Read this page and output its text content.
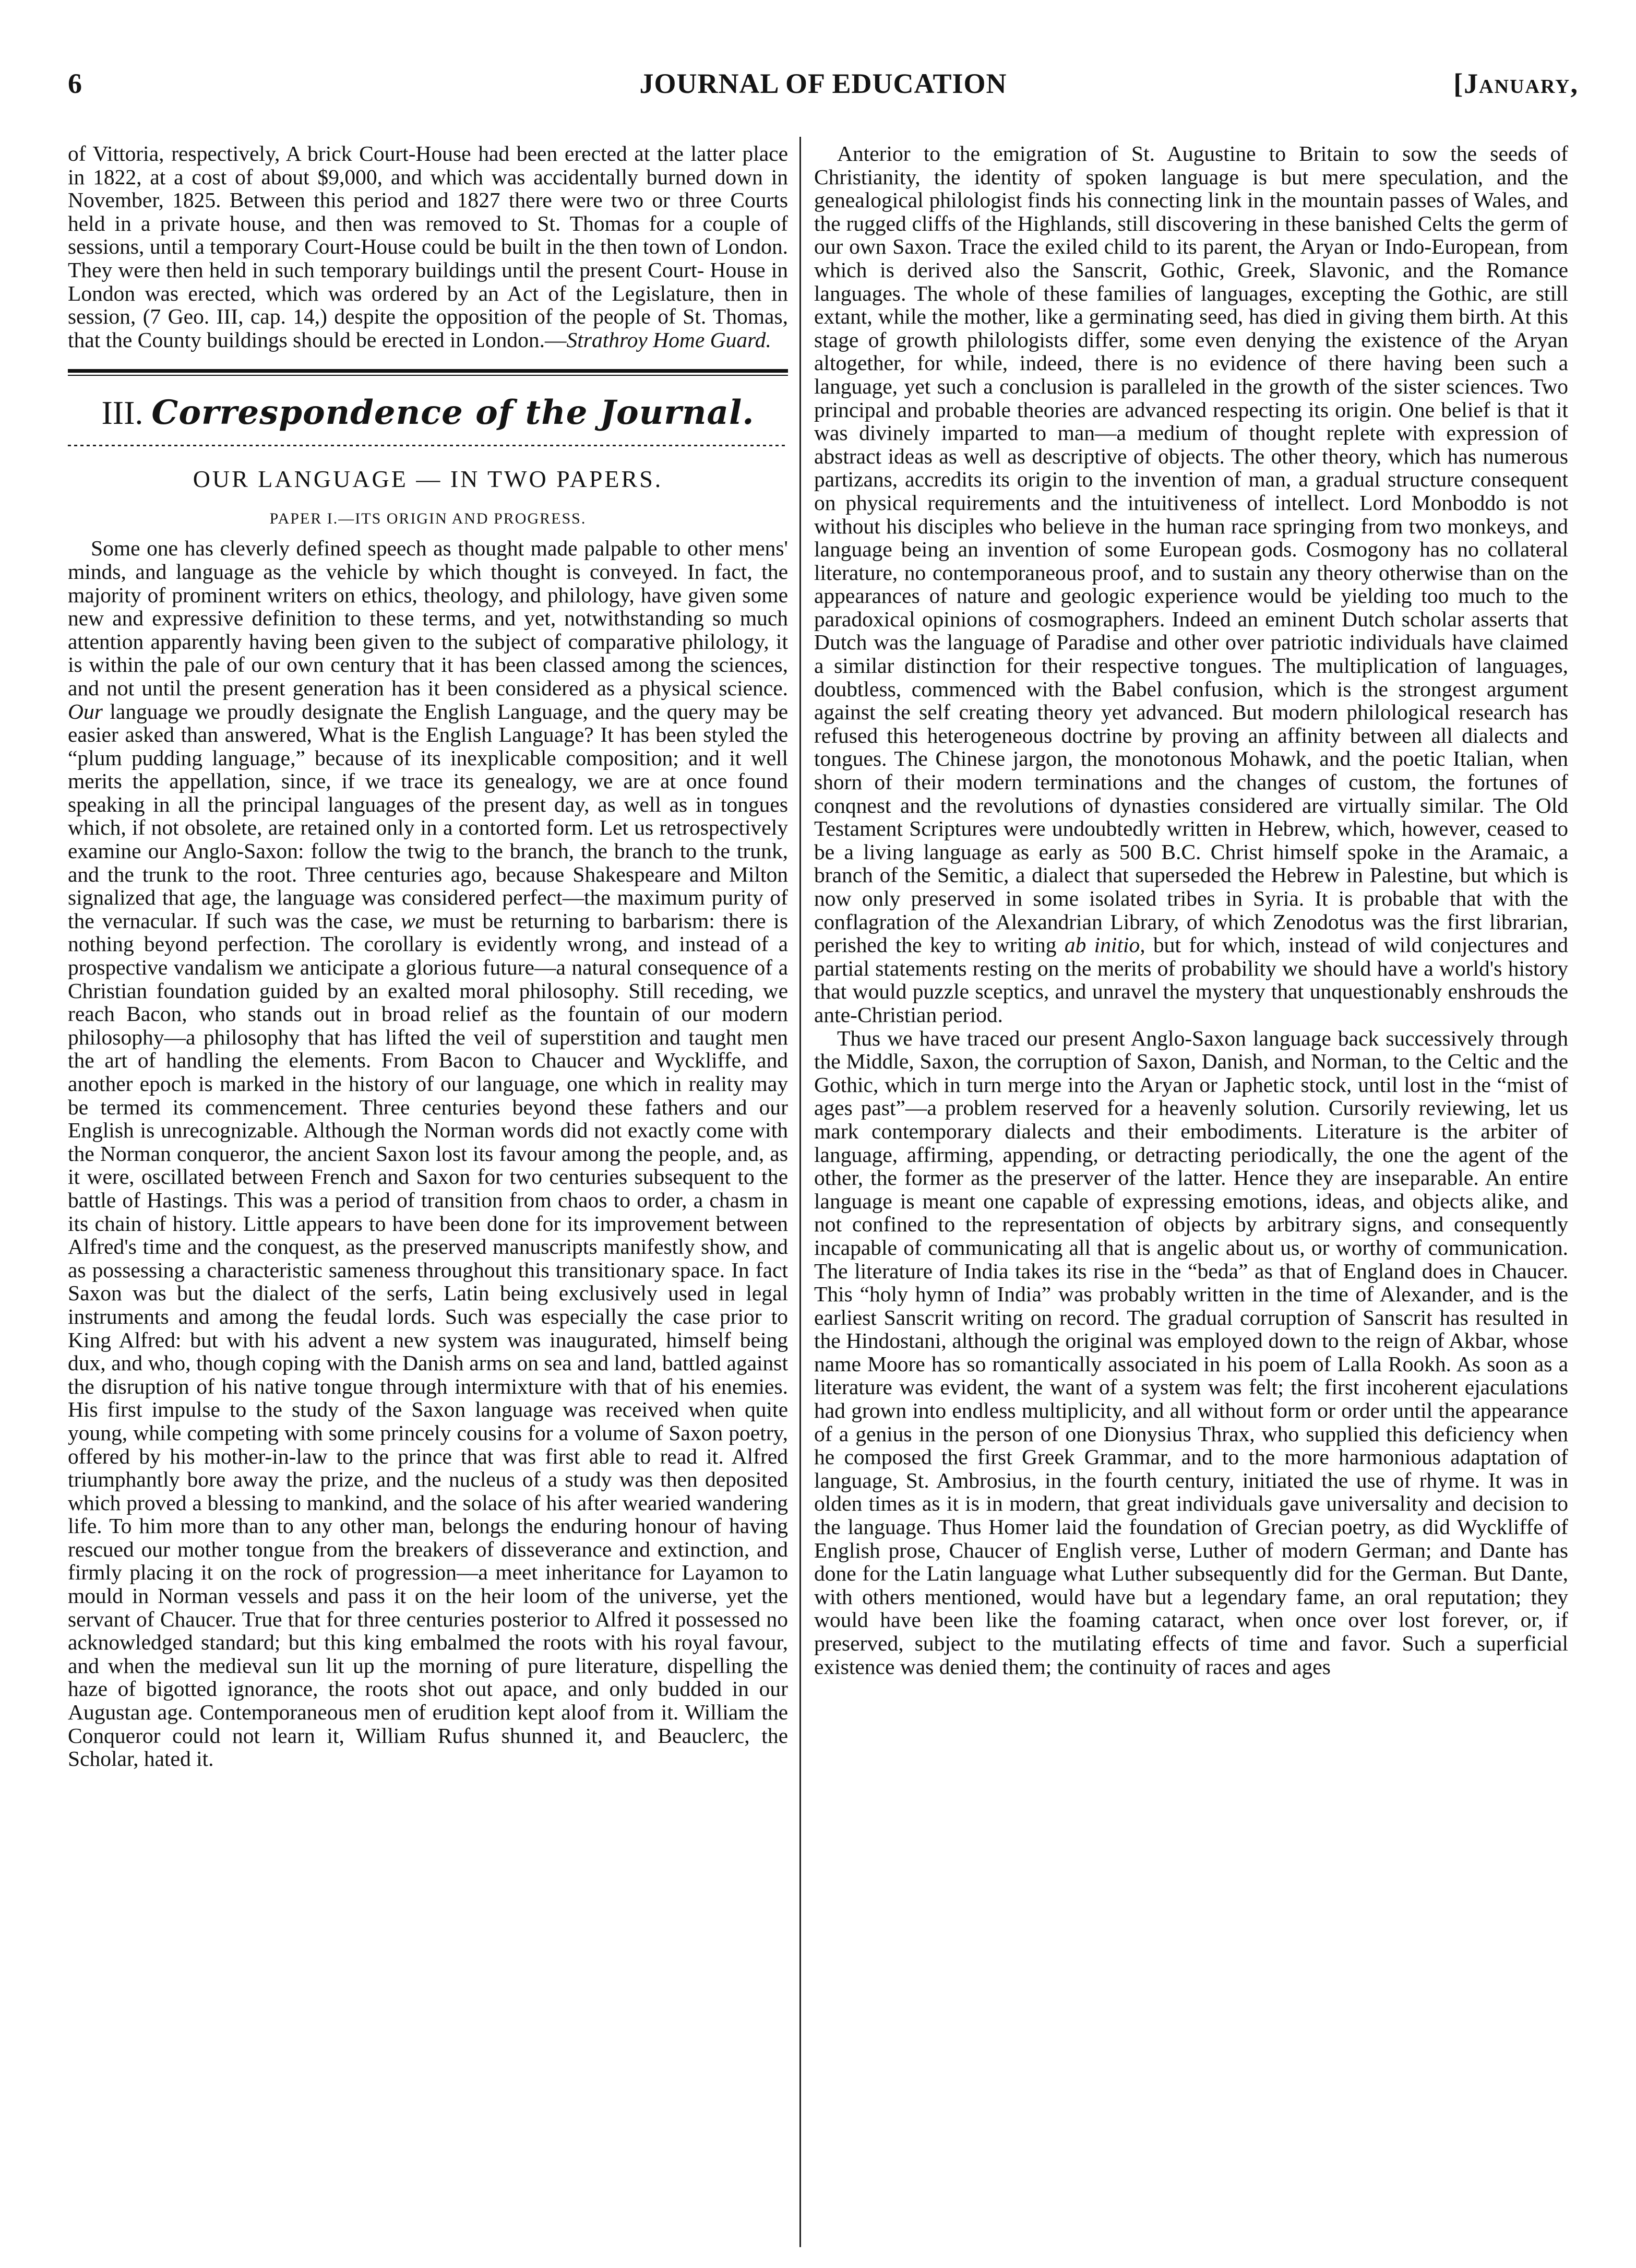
6	JOURNAL OF EDUCATION	[January,

of Vittoria, respectively, A brick Court-House had been erected at the latter place in 1822, at a cost of about $9,000, and which was accidentally burned down in November, 1825. Between this period and 1827 there were two or three Courts held in a private house, and then was removed to St. Thomas for a couple of sessions, until a temporary Court-House could be built in the then town of London. They were then held in such temporary buildings until the present Court- House in London was erected, which was ordered by an Act of the Legislature, then in session, (7 Geo. III, cap. 14,) despite the opposition of the people of St. Thomas, that the County buildings should be erected in London.—Strathroy Home Guard.

III. Correspondence of the Journal.

OUR LANGUAGE — IN TWO PAPERS.

PAPER I.—ITS ORIGIN AND PROGRESS.

Some one has cleverly defined speech as thought made palpable to other mens' minds, and language as the vehicle by which thought is conveyed. In fact, the majority of prominent writers on ethics, theology, and philology, have given some new and expressive definition to these terms, and yet, notwithstanding so much attention apparently having been given to the subject of comparative philology, it is within the pale of our own century that it has been classed among the sciences, and not until the present generation has it been considered as a physical science. Our language we proudly designate the English Language, and the query may be easier asked than answered, What is the English Language? It has been styled the “plum pudding language,” because of its inexplicable composition; and it well merits the appellation, since, if we trace its genealogy, we are at once found speaking in all the principal languages of the present day, as well as in tongues which, if not obsolete, are retained only in a contorted form. Let us retrospectively examine our Anglo-Saxon: follow the twig to the branch, the branch to the trunk, and the trunk to the root. Three centuries ago, because Shakespeare and Milton signalized that age, the language was considered perfect—the maximum purity of the vernacular. If such was the case, we must be returning to barbarism: there is nothing beyond perfection. The corollary is evidently wrong, and instead of a prospective vandalism we anticipate a glorious future—a natural consequence of a Christian foundation guided by an exalted moral philosophy. Still receding, we reach Bacon, who stands out in broad relief as the fountain of our modern philosophy—a philosophy that has lifted the veil of superstition and taught men the art of handling the elements. From Bacon to Chaucer and Wyckliffe, and another epoch is marked in the history of our language, one which in reality may be termed its commencement. Three centuries beyond these fathers and our English is unrecognizable. Although the Norman words did not exactly come with the Norman conqueror, the ancient Saxon lost its favour among the people, and, as it were, oscillated between French and Saxon for two centuries subsequent to the battle of Hastings. This was a period of transition from chaos to order, a chasm in its chain of history. Little appears to have been done for its improvement between Alfred's time and the conquest, as the preserved manuscripts manifestly show, and as possessing a characteristic sameness throughout this transitionary space. In fact Saxon was but the dialect of the serfs, Latin being exclusively used in legal instruments and among the feudal lords. Such was especially the case prior to King Alfred: but with his advent a new system was inaugurated, himself being dux, and who, though coping with the Danish arms on sea and land, battled against the disruption of his native tongue through intermixture with that of his enemies. His first impulse to the study of the Saxon language was received when quite young, while competing with some princely cousins for a volume of Saxon poetry, offered by his mother-in-law to the prince that was first able to read it. Alfred triumphantly bore away the prize, and the nucleus of a study was then deposited which proved a blessing to mankind, and the solace of his after wearied wandering life. To him more than to any other man, belongs the enduring honour of having rescued our mother tongue from the breakers of disseverance and extinction, and firmly placing it on the rock of progression—a meet inheritance for Layamon to mould in Norman vessels and pass it on the heir loom of the universe, yet the servant of Chaucer. True that for three centuries posterior to Alfred it possessed no acknowledged standard; but this king embalmed the roots with his royal favour, and when the medieval sun lit up the morning of pure literature, dispelling the haze of bigotted ignorance, the roots shot out apace, and only budded in our Augustan age. Contemporaneous men of erudition kept aloof from it. William the Conqueror could not learn it, William Rufus shunned it, and Beauclerc, the Scholar, hated it.

Anterior to the emigration of St. Augustine to Britain to sow the seeds of Christianity, the identity of spoken language is but mere speculation, and the genealogical philologist finds his connecting link in the mountain passes of Wales, and the rugged cliffs of the Highlands, still discovering in these banished Celts the germ of our own Saxon. Trace the exiled child to its parent, the Aryan or Indo-European, from which is derived also the Sanscrit, Gothic, Greek, Slavonic, and the Romance languages. The whole of these families of languages, excepting the Gothic, are still extant, while the mother, like a germinating seed, has died in giving them birth. At this stage of growth philologists differ, some even denying the existence of the Aryan altogether, for while, indeed, there is no evidence of there having been such a language, yet such a conclusion is paralleled in the growth of the sister sciences. Two principal and probable theories are advanced respecting its origin. One belief is that it was divinely imparted to man—a medium of thought replete with expression of abstract ideas as well as descriptive of objects. The other theory, which has numerous partizans, accredits its origin to the invention of man, a gradual structure consequent on physical requirements and the intuitiveness of intellect. Lord Monboddo is not without his disciples who believe in the human race springing from two monkeys, and language being an invention of some European gods. Cosmogony has no collateral literature, no contemporaneous proof, and to sustain any theory otherwise than on the appearances of nature and geologic experience would be yielding too much to the paradoxical opinions of cosmographers. Indeed an eminent Dutch scholar asserts that Dutch was the language of Paradise and other over patriotic individuals have claimed a similar distinction for their respective tongues. The multiplication of languages, doubtless, commenced with the Babel confusion, which is the strongest argument against the self creating theory yet advanced. But modern philological research has refused this heterogeneous doctrine by proving an affinity between all dialects and tongues. The Chinese jargon, the monotonous Mohawk, and the poetic Italian, when shorn of their modern terminations and the changes of custom, the fortunes of conqnest and the revolutions of dynasties considered are virtually similar. The Old Testament Scriptures were undoubtedly written in Hebrew, which, however, ceased to be a living language as early as 500 B.C. Christ himself spoke in the Aramaic, a branch of the Semitic, a dialect that superseded the Hebrew in Palestine, but which is now only preserved in some isolated tribes in Syria. It is probable that with the conflagration of the Alexandrian Library, of which Zenodotus was the first librarian, perished the key to writing ab initio, but for which, instead of wild conjectures and partial statements resting on the merits of probability we should have a world's history that would puzzle sceptics, and unravel the mystery that unquestionably enshrouds the ante-Christian period.

Thus we have traced our present Anglo-Saxon language back successively through the Middle, Saxon, the corruption of Saxon, Danish, and Norman, to the Celtic and the Gothic, which in turn merge into the Aryan or Japhetic stock, until lost in the “mist of ages past”—a problem reserved for a heavenly solution. Cursorily reviewing, let us mark contemporary dialects and their embodiments. Literature is the arbiter of language, affirming, appending, or detracting periodically, the one the agent of the other, the former as the preserver of the latter. Hence they are inseparable. An entire language is meant one capable of expressing emotions, ideas, and objects alike, and not confined to the representation of objects by arbitrary signs, and consequently incapable of communicating all that is angelic about us, or worthy of communication. The literature of India takes its rise in the “beda” as that of England does in Chaucer. This “holy hymn of India” was probably written in the time of Alexander, and is the earliest Sanscrit writing on record. The gradual corruption of Sanscrit has resulted in the Hindostani, although the original was employed down to the reign of Akbar, whose name Moore has so romantically associated in his poem of Lalla Rookh. As soon as a literature was evident, the want of a system was felt; the first incoherent ejaculations had grown into endless multiplicity, and all without form or order until the appearance of a genius in the person of one Dionysius Thrax, who supplied this deficiency when he composed the first Greek Grammar, and to the more harmonious adaptation of language, St. Ambrosius, in the fourth century, initiated the use of rhyme. It was in olden times as it is in modern, that great individuals gave universality and decision to the language. Thus Homer laid the foundation of Grecian poetry, as did Wyckliffe of English prose, Chaucer of English verse, Luther of modern German; and Dante has done for the Latin language what Luther subsequently did for the German. But Dante, with others mentioned, would have but a legendary fame, an oral reputation; they would have been like the foaming cataract, when once over lost forever, or, if preserved, subject to the mutilating effects of time and favor. Such a superficial existence was denied them; the continuity of races and ages
